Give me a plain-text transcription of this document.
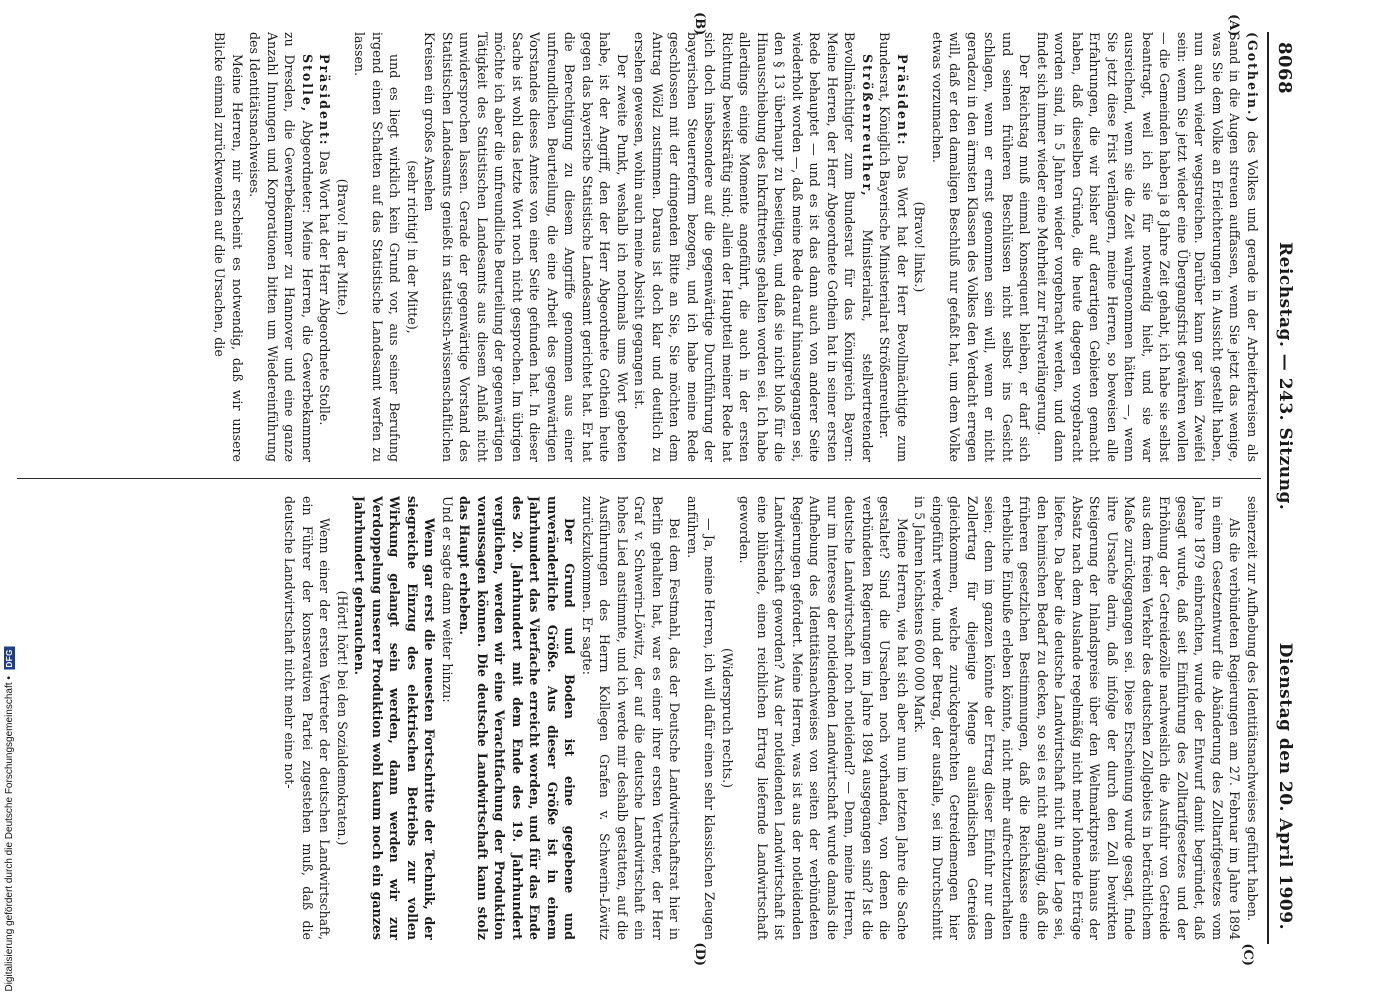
8068
Reichstag. — 243. Sitzung.
Dienstag den 20. April 1909.

(Gothein.) des Volkes und gerade in der Arbeiterkreisen als Sand in die Augen streuen auffassen, wenn Sie jetzt das wenige, was Sie dem Volke an Erleichterungen in Aussicht gestellt haben, nun auch wieder wegstreichen. Darüber kann gar kein Zweifel sein: wenn Sie jetzt wieder eine Übergangsfrist gewähren wollen — die Gemeinden haben ja 8 Jahre Zeit gehabt, ich habe sie selbst beantragt, weil ich sie für notwendig hielt, und sie war ausreichend, wenn sie die Zeit wahrgenommen hätten —, wenn Sie jetzt diese Frist verlängern, meine Herren, so beweisen alle Erfahrungen, die wir bisher auf derartigen Gebieten gemacht haben, daß dieselben Gründe, die heute dagegen vorgebracht worden sind, in 5 Jahren wieder vorgebracht werden, und dann findet sich immer wieder eine Mehrheit zur Fristverlängerung.

Der Reichstag muß einmal konsequent bleiben, er darf sich und seinen früheren Beschlüssen nicht selbst ins Gesicht schlagen, wenn er ernst genommen sein will, wenn er nicht geradezu in den ärmsten Klassen des Volkes den Verdacht erregen will, daß er den damaligen Beschluß nur gefaßt hat, um dem Volke etwas vorzumachen.

(Bravo! links.)

Präsident: Das Wort hat der Herr Bevollmächtigte zum Bundesrat, Königlich Bayerische Ministerialrat Strößenreuther.

Strößenreuther, Ministerialrat, stellvertretender Bevollmächtigter zum Bundesrat für das Königreich Bayern: Meine Herren, der Herr Abgeordnete Gothein hat in seiner ersten Rede behauptet — und es ist das dann auch von anderer Seite wiederholt worden —, daß meine Rede darauf hinausgegangen sei, den § 13 überhaupt zu beseitigen, und daß sie nicht bloß für die Hinausschiebung des Inkrafttretens gehalten worden sei. Ich habe allerdings einige Momente angeführt, die auch in der ersten Richtung beweiskräftig sind; allein der Hauptteil meiner Rede hat sich doch insbesondere auf die gegenwärtige Durchführung der bayerischen Steuerreform bezogen, und ich habe meine Rede geschlossen mit der dringenden Bitte an Sie, Sie möchten dem Antrag Wölzl zustimmen. Daraus ist doch klar und deutlich zu ersehen gewesen, wohin auch meine Absicht gegangen ist.

Der zweite Punkt, weshalb ich nochmals ums Wort gebeten habe, ist der Angriff, den der Herr Abgeordnete Gothein heute gegen das bayerische Statistische Landesamt gerichtet hat. Er hat die Berechtigung zu diesem Angriffe genommen aus einer unfreundlichen Beurteilung, die eine Arbeit des gegenwärtigen Vorstandes dieses Amtes von einer Seite gefunden hat. In dieser Sache ist wohl das letzte Wort noch nicht gesprochen. Im übrigen möchte ich aber die unfreundliche Beurteilung der gegenwärtigen Tätigkeit des Statistischen Landesamts aus diesem Anlaß nicht unwidersprochen lassen. Gerade der gegenwärtige Vorstand des Statistischen Landesamts genießt in statistisch-wissenschaftlichen Kreisen ein großes Ansehen

(sehr richtig! in der Mitte),

und es liegt wirklich kein Grund vor, aus seiner Berufung irgend einen Schatten auf das Statistische Landesamt werfen zu lassen.

(Bravo! in der Mitte.)

Präsident: Das Wort hat der Herr Abgeordnete Stolle.

Stolle, Abgeordneter: Meine Herren, die Gewerbekammer zu Dresden, die Gewerbekammer zu Hannover und eine ganze Anzahl Innungen und Korporationen bitten um Wiedereinführung des Identitätsnachweises.

Meine Herren, mir erscheint es notwendig, daß wir unsere Blicke einmal zurückwenden auf die Ursachen, die

seinerzeit zur Aufhebung des Identitätsnachweises geführt haben.

Als die verbündeten Regierungen am 27. Februar im Jahre 1894 in einem Gesetzentwurf die Abänderung des Zolltarifgesetzes vom Jahre 1879 einbrachten, wurde der Entwurf damit begründet, daß gesagt wurde, daß seit Einführung des Zolltarifgesetzes und der Erhöhung der Getreidezölle nachweislich die Ausfuhr von Getreide aus dem freien Verkehr des deutschen Zollgebiets in beträchtlichem Maße zurückgegangen sei. Diese Erscheinung wurde gesagt, finde ihre Ursache darin, daß infolge der durch den Zoll bewirkten Steigerung der Inlandspreise über den Weltmarktpreis hinaus der Absatz nach dem Auslande regelmäßig nicht mehr lohnende Erträge liefere. Da aber die deutsche Landwirtschaft nicht in der Lage sei, den heimischen Bedarf zu decken, so sei es nicht angängig, daß die früheren gesetzlichen Bestimmungen, daß die Reichskasse eine erhebliche Einbuße erleben könnte, nicht mehr aufrechtzuerhalten seien; denn im ganzen könnte der Ertrag dieser Einfuhr nur dem Zollertrag für diejenige Menge ausländischen Getreides gleichkommen, welche zurückgebrachten Getreidemengen hier eingeführt werde, und der Betrag, der ausfalle, sei im Durchschnitt in 5 Jahren höchstens 600 000 Mark.

Meine Herren, wie hat sich aber nun im letzten Jahre die Sache gestaltet? Sind die Ursachen noch vorhanden, von denen die verbündeten Regierungen im Jahre 1894 ausgegangen sind? Ist die deutsche Landwirtschaft noch notleidend? — Denn, meine Herren, nur im Interesse der notleidenden Landwirtschaft wurde damals die Aufhebung des Identitätsnachweises von seiten der verbündeten Regierungen gefordert. Meine Herren, was ist aus der notleidenden Landwirtschaft geworden? Aus der notleidenden Landwirtschaft ist eine blühende, einen reichlichen Ertrag liefernde Landwirtschaft geworden.

(Widerspruch rechts.)

— Ja, meine Herren, ich will dafür einen sehr klassischen Zeugen anführen.

Bei dem Festmahl, das der Deutsche Landwirtschaftsrat hier in Berlin gehalten hat, war es einer ihrer ersten Vertreter, der Herr Graf v. Schwerin-Löwitz, der auf die deutsche Landwirtschaft ein hohes Lied anstimmte, und ich werde mir deshalb gestatten, auf die Ausführungen des Herrn Kollegen Grafen v. Schwerin-Löwitz zurückzukommen. Er sagte:

Der Grund und Boden ist eine gegebene und unveränderliche Größe. Aus dieser Größe ist in einem Jahrhundert das Vierfache erreicht worden, und für das Ende des 20. Jahrhundert mit dem Ende des 19. Jahrhundert verglichen, werden wir eine Verachtfachung der Produktion voraussagen können. Die deutsche Landwirtschaft kann stolz das Haupt erheben.

Und er sagte dann weiter hinzu:

Wenn gar erst die neuesten Fortschritte der Technik, der siegreiche Einzug des elektrischen Betriebs zur vollen Wirkung gelangt sein werden, dann werden wir zur Verdoppelung unserer Produktion wohl kaum noch ein ganzes Jahrhundert gebrauchen.

(Hört! hört! bei den Sozialdemokraten.)

Wenn einer der ersten Vertreter der deutschen Landwirtschaft, ein Führer der konservativen Partei zugestehen muß, daß die deutsche Landwirtschaft nicht mehr eine not-

(A)
(C)
(B)
(D)
Digitalisierung gefördert durch die Deutsche Forschungsgemeinschaft • DFG
